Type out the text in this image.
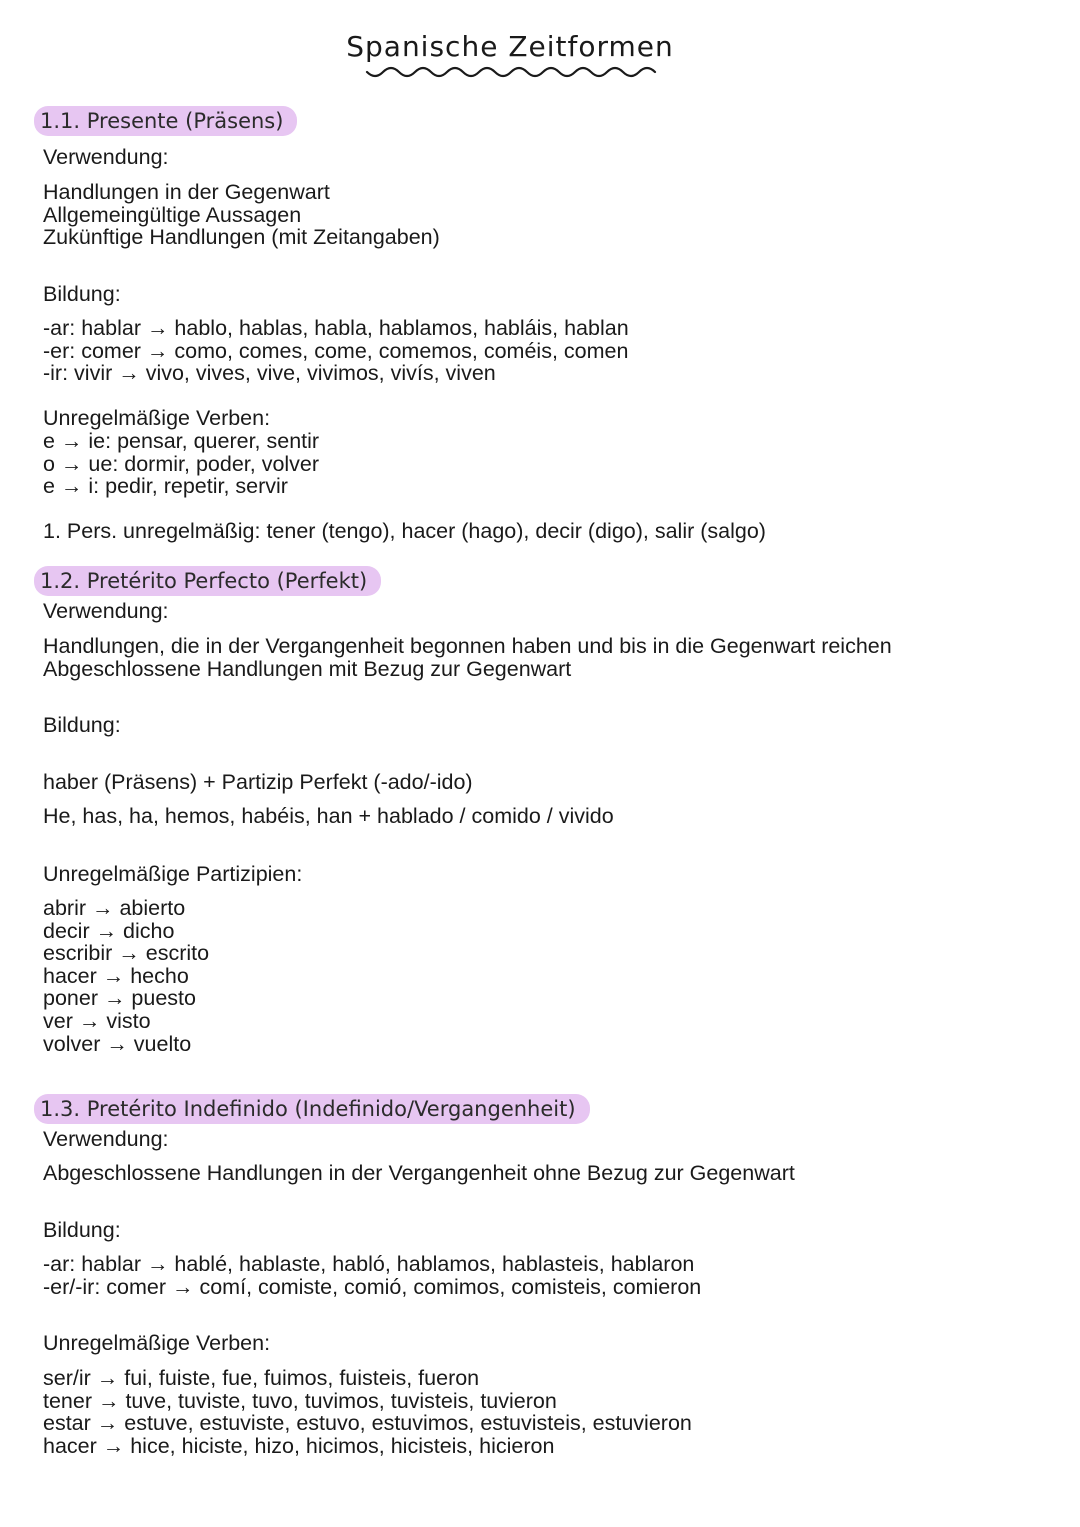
Spanische Zeitformen
1.1. Presente (Präsens)

Verwendung:

Handlungen in der Gegenwart
Allgemeingültige Aussagen
Zukünftige Handlungen (mit Zeitangaben)

Bildung:

-ar: hablar → hablo, hablas, habla, hablamos, habláis, hablan
-er: comer → como, comes, come, comemos, coméis, comen
-ir: vivir → vivo, vives, vive, vivimos, vivís, viven

Unregelmäßige Verben:

e → ie: pensar, querer, sentir
o → ue: dormir, poder, volver
e → i: pedir, repetir, servir

1. Pers. unregelmäßig: tener (tengo), hacer (hago), decir (digo), salir (salgo)

1.2. Pretérito Perfecto (Perfekt)

Verwendung:

Handlungen, die in der Vergangenheit begonnen haben und bis in die Gegenwart reichen
Abgeschlossene Handlungen mit Bezug zur Gegenwart

Bildung:

haber (Präsens) + Partizip Perfekt (-ado/-ido)

He, has, ha, hemos, habéis, han + hablado / comido / vivido

Unregelmäßige Partizipien:

abrir → abierto
decir → dicho
escribir → escrito
hacer → hecho
poner → puesto
ver → visto
volver → vuelto
1.3. Pretérito Indefinido (Indefinido/Vergangenheit)

Verwendung:

Abgeschlossene Handlungen in der Vergangenheit ohne Bezug zur Gegenwart

Bildung:

-ar: hablar → hablé, hablaste, habló, hablamos, hablasteis, hablaron
-er/-ir: comer → comí, comiste, comió, comimos, comisteis, comieron

Unregelmäßige Verben:

ser/ir → fui, fuiste, fue, fuimos, fuisteis, fueron
tener → tuve, tuviste, tuvo, tuvimos, tuvisteis, tuvieron
estar → estuve, estuviste, estuvo, estuvimos, estuvisteis, estuvieron
hacer → hice, hiciste, hizo, hicimos, hicisteis, hicieron
